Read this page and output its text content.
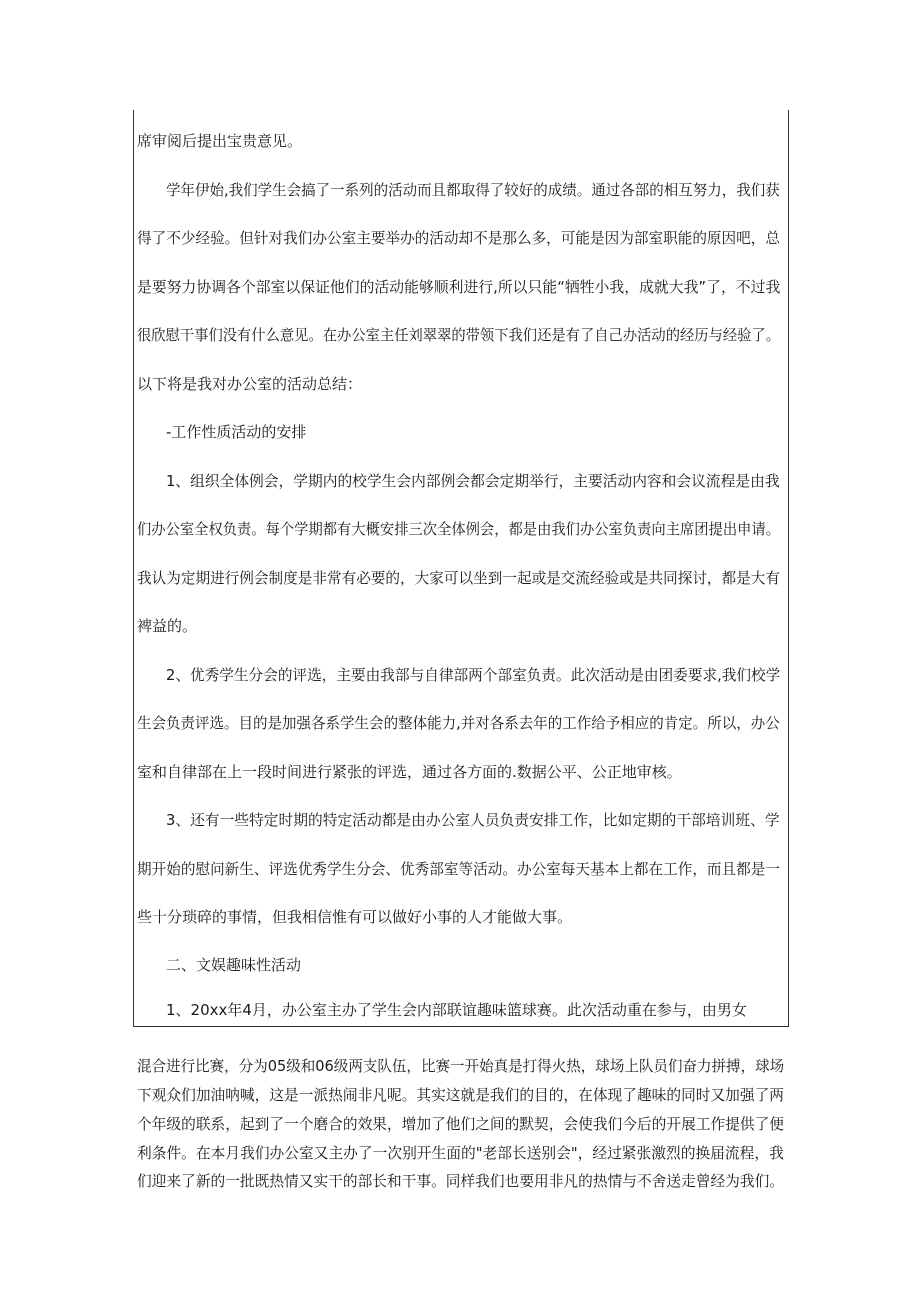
席审阅后提出宝贵意见。
学年伊始,我们学生会搞了一系列的活动而且都取得了较好的成绩。通过各部的相互努力，我们获
得了不少经验。但针对我们办公室主要举办的活动却不是那么多，可能是因为部室职能的原因吧，总
是要努力协调各个部室以保证他们的活动能够顺利进行,所以只能“牺牲小我，成就大我”了，不过我
很欣慰干事们没有什么意见。在办公室主任刘翠翠的带领下我们还是有了自己办活动的经历与经验了。
以下将是我对办公室的活动总结：
-工作性质活动的安排
1、组织全体例会，学期内的校学生会内部例会都会定期举行，主要活动内容和会议流程是由我
们办公室全权负责。每个学期都有大概安排三次全体例会，都是由我们办公室负责向主席团提出申请。
我认为定期进行例会制度是非常有必要的，大家可以坐到一起或是交流经验或是共同探讨，都是大有
裨益的。
2、优秀学生分会的评选，主要由我部与自律部两个部室负责。此次活动是由团委要求,我们校学
生会负责评选。目的是加强各系学生会的整体能力,并对各系去年的工作给予相应的肯定。所以，办公
室和自律部在上一段时间进行紧张的评选，通过各方面的.数据公平、公正地审核。
3、还有一些特定时期的特定活动都是由办公室人员负责安排工作，比如定期的干部培训班、学
期开始的慰问新生、评选优秀学生分会、优秀部室等活动。办公室每天基本上都在工作，而且都是一
些十分琐碎的事情，但我相信惟有可以做好小事的人才能做大事。
二、文娱趣味性活动
1、20xx年4月，办公室主办了学生会内部联谊趣味篮球赛。此次活动重在参与，由男女
混合进行比赛，分为05级和06级两支队伍，比赛一开始真是打得火热，球场上队员们奋力拼搏，球场
下观众们加油呐喊，这是一派热闹非凡呢。其实这就是我们的目的，在体现了趣味的同时又加强了两
个年级的联系，起到了一个磨合的效果，增加了他们之间的默契，会使我们今后的开展工作提供了便
利条件。在本月我们办公室又主办了一次别开生面的"老部长送别会"，经过紧张激烈的换届流程，我
们迎来了新的一批既热情又实干的部长和干事。同样我们也要用非凡的热情与不舍送走曾经为我们。
